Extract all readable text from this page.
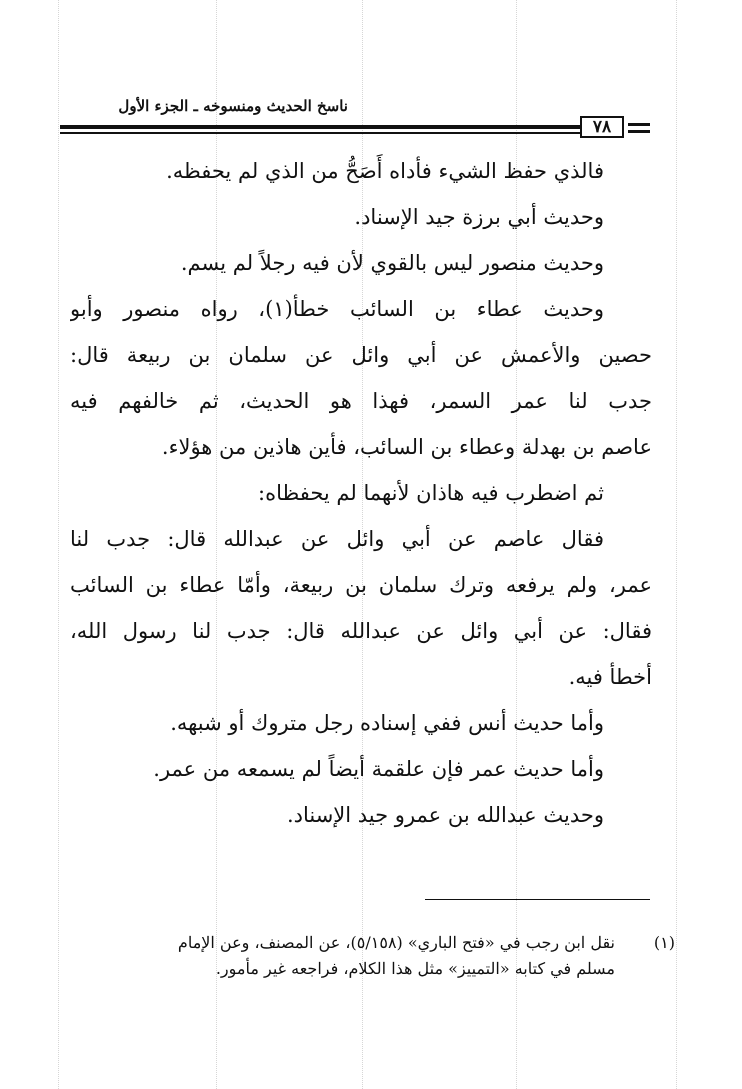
ناسخ الحديث ومنسوخه ـ الجزء الأول
٧٨

فالذي حفظ الشيء فأداه أَصَحُّ من الذي لم يحفظه.

وحديث أبي برزة جيد الإسناد.

وحديث منصور ليس بالقوي لأن فيه رجلاً لم يسم.

وحديث عطاء بن السائب خطأ(١)، رواه منصور وأبو
حصين والأعمش عن أبي وائل عن سلمان بن ربيعة قال:
جدب لنا عمر السمر، فهذا هو الحديث، ثم خالفهم فيه
عاصم بن بهدلة وعطاء بن السائب، فأين هاذين من هؤلاء.

ثم اضطرب فيه هاذان لأنهما لم يحفظاه:

فقال عاصم عن أبي وائل عن عبدالله قال: جدب لنا
عمر، ولم يرفعه وترك سلمان بن ربيعة، وأمّا عطاء بن السائب
فقال: عن أبي وائل عن عبدالله قال: جدب لنا رسول الله،
أخطأ فيه.

وأما حديث أنس ففي إسناده رجل متروك أو شبهه.

وأما حديث عمر فإن علقمة أيضاً لم يسمعه من عمر.

وحديث عبدالله بن عمرو جيد الإسناد.

(١)
نقل ابن رجب في «فتح الباري» (٥/١٥٨)، عن المصنف، وعن الإمام
مسلم في كتابه «التمييز» مثل هذا الكلام، فراجعه غير مأمور.
